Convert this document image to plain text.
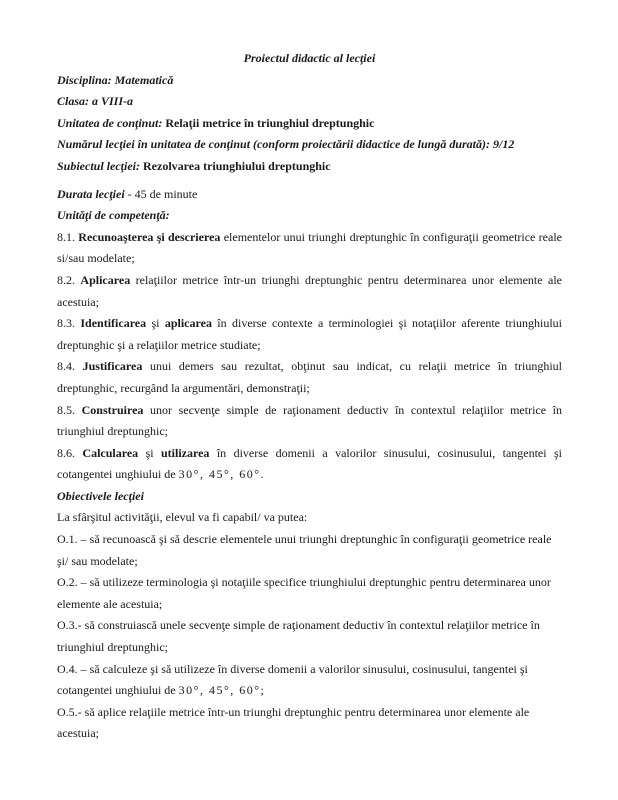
Proiectul didactic al lecţiei

Disciplina: Matematică

Clasa: a VIII-a

Unitatea de conţinut: Relaţii metrice în triunghiul dreptunghic

Numărul lecţiei în unitatea de conţinut (conform proiectării didactice de lungă durată): 9/12

Subiectul lecţiei: Rezolvarea triunghiului dreptunghic

Durata lecţiei - 45 de minute

Unităţi de competenţă:

8.1. Recunoaşterea şi descrierea elementelor unui triunghi dreptunghic în configuraţii geometrice reale si/sau modelate;

8.2. Aplicarea relaţiilor metrice într-un triunghi dreptunghic pentru determinarea unor elemente ale acestuia;

8.3. Identificarea şi aplicarea în diverse contexte a terminologiei şi notaţiilor aferente triunghiului dreptunghic şi a relaţiilor metrice studiate;

8.4. Justificarea unui demers sau rezultat, obţinut sau indicat, cu relaţii metrice în triunghiul dreptunghic, recurgând la argumentări, demonstraţii;

8.5. Construirea unor secvenţe simple de raţionament deductiv în contextul relaţiilor metrice în triunghiul dreptunghic;

8.6. Calcularea şi utilizarea în diverse domenii a valorilor sinusului, cosinusului, tangentei şi cotangentei unghiului de 30°, 45°, 60°.

Obiectivele lecţiei

La sfârşitul activităţii, elevul va fi capabil/ va putea:

O.1. – să recunoască şi să descrie elementele unui triunghi dreptunghic în configuraţii geometrice reale şi/ sau modelate;

O.2. – să utilizeze terminologia şi notaţiile specifice triunghiului dreptunghic pentru determinarea unor elemente ale acestuia;

O.3.- să construiască unele secvenţe simple de raţionament deductiv în contextul relaţiilor metrice în triunghiul dreptunghic;

O.4. – să calculeze şi să utilizeze în diverse domenii a valorilor sinusului, cosinusului, tangentei şi cotangentei unghiului de 30°, 45°, 60°;

O.5.- să aplice relaţiile metrice într-un triunghi dreptunghic pentru determinarea unor elemente ale acestuia;
